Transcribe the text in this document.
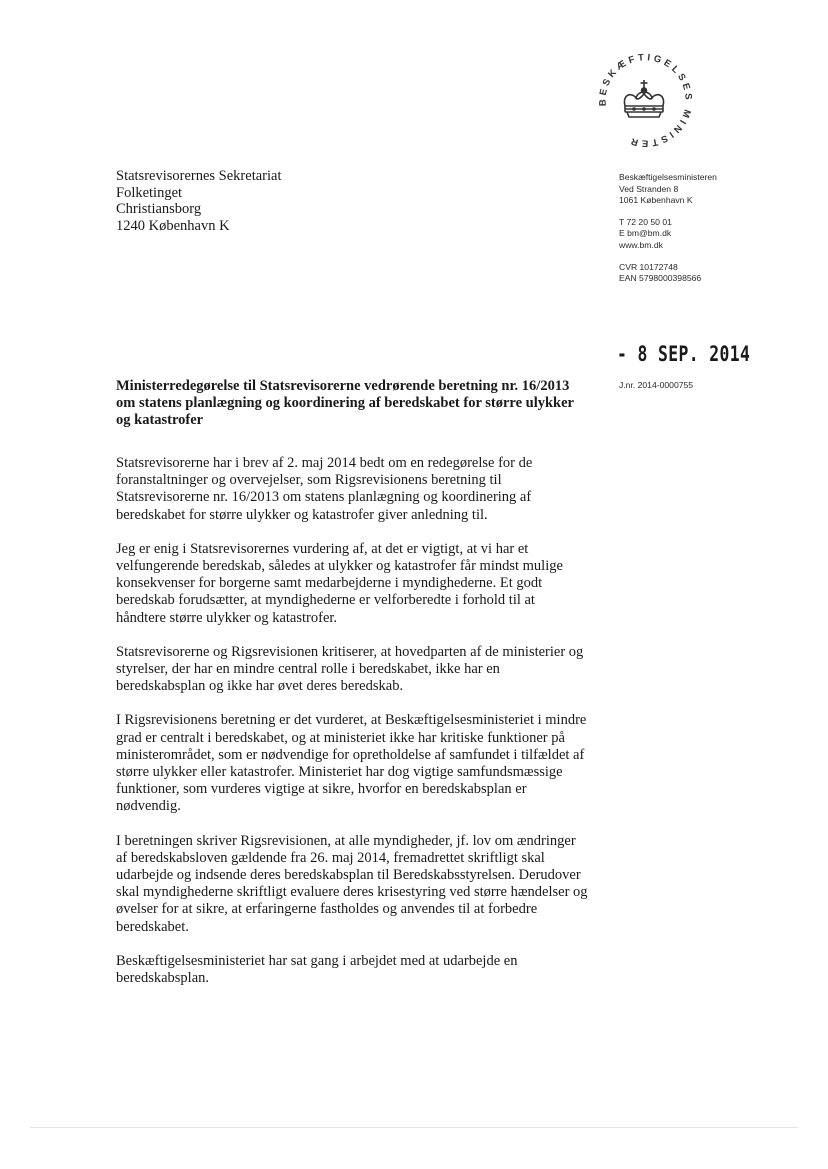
BESKÆFTIGELSES MINISTER
Statsrevisorernes Sekretariat
Folketinget
Christiansborg
1240 København K
Beskæftigelsesministeren
Ved Stranden 8
1061 København K
T 72 20 50 01
E bm@bm.dk
www.bm.dk
CVR 10172748
EAN 5798000398566
- 8 SEP. 2014
J.nr. 2014-0000755
Ministerredegørelse til Statsrevisorerne vedrørende beretning nr. 16/2013 om statens planlægning og koordinering af beredskabet for større ulykker og katastrofer

Statsrevisorerne har i brev af 2. maj 2014 bedt om en redegørelse for de foranstaltninger og overvejelser, som Rigsrevisionens beretning til Statsrevisorerne nr. 16/2013 om statens planlægning og koordinering af beredskabet for større ulykker og katastrofer giver anledning til.

Jeg er enig i Statsrevisorernes vurdering af, at det er vigtigt, at vi har et velfungerende beredskab, således at ulykker og katastrofer får mindst mulige konsekvenser for borgerne samt medarbejderne i myndighederne. Et godt beredskab forudsætter, at myndighederne er velforberedte i forhold til at håndtere større ulykker og katastrofer.

Statsrevisorerne og Rigsrevisionen kritiserer, at hovedparten af de ministerier og styrelser, der har en mindre central rolle i beredskabet, ikke har en beredskabsplan og ikke har øvet deres beredskab.

I Rigsrevisionens beretning er det vurderet, at Beskæftigelsesministeriet i mindre grad er centralt i beredskabet, og at ministeriet ikke har kritiske funktioner på ministerområdet, som er nødvendige for opretholdelse af samfundet i tilfældet af større ulykker eller katastrofer. Ministeriet har dog vigtige samfundsmæssige funktioner, som vurderes vigtige at sikre, hvorfor en beredskabsplan er nødvendig.

I beretningen skriver Rigsrevisionen, at alle myndigheder, jf. lov om ændringer af beredskabsloven gældende fra 26. maj 2014, fremadrettet skriftligt skal udarbejde og indsende deres beredskabsplan til Beredskabsstyrelsen. Derudover skal myndighederne skriftligt evaluere deres krisestyring ved større hændelser og øvelser for at sikre, at erfaringerne fastholdes og anvendes til at forbedre beredskabet.

Beskæftigelsesministeriet har sat gang i arbejdet med at udarbejde en beredskabsplan.
